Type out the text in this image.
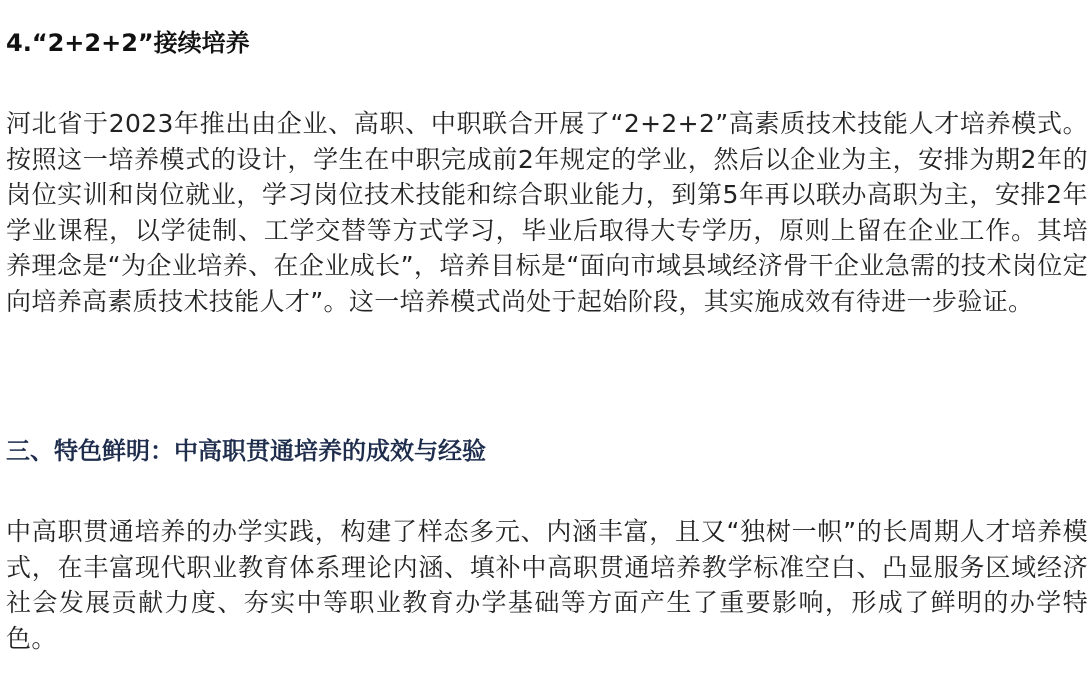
4.“2+2+2”接续培养

河北省于2023年推出由企业、高职、中职联合开展了“2+2+2”高素质技术技能人才培养模式。按照这一培养模式的设计，学生在中职完成前2年规定的学业，然后以企业为主，安排为期2年的岗位实训和岗位就业，学习岗位技术技能和综合职业能力，到第5年再以联办高职为主，安排2年学业课程，以学徒制、工学交替等方式学习，毕业后取得大专学历，原则上留在企业工作。其培养理念是“为企业培养、在企业成长”，培养目标是“面向市域县域经济骨干企业急需的技术岗位定向培养高素质技术技能人才”。这一培养模式尚处于起始阶段，其实施成效有待进一步验证。

三、特色鲜明：中高职贯通培养的成效与经验

中高职贯通培养的办学实践，构建了样态多元、内涵丰富，且又“独树一帜”的长周期人才培养模式，在丰富现代职业教育体系理论内涵、填补中高职贯通培养教学标准空白、凸显服务区域经济社会发展贡献力度、夯实中等职业教育办学基础等方面产生了重要影响，形成了鲜明的办学特色。
